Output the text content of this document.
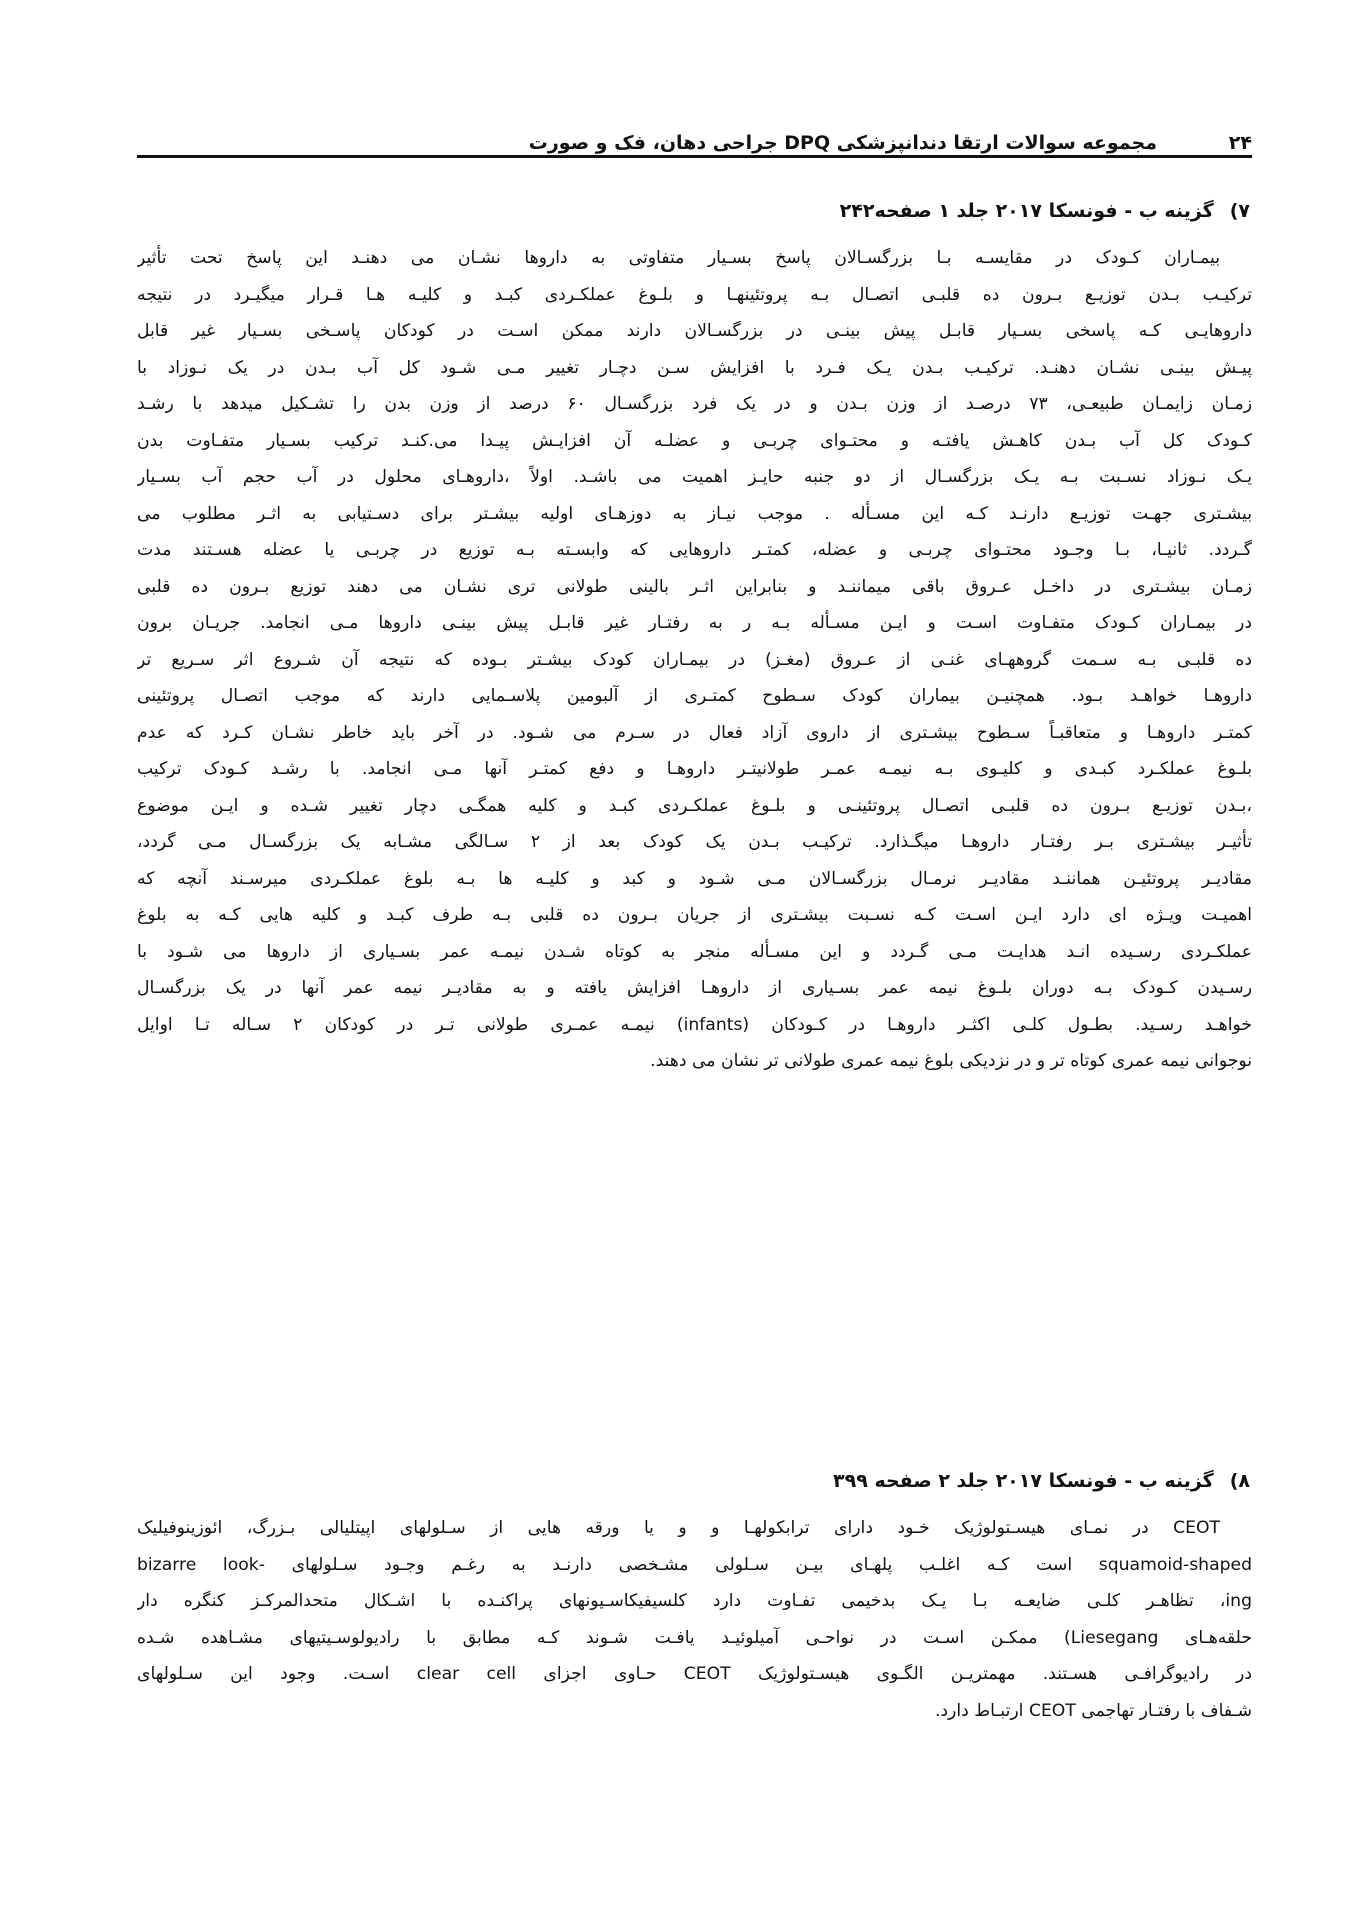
۲۴
مجموعه سوالات ارتقا دندانپزشکی DPQ جراحی دهان، فک و صورت
۷)
گزینه ب - فونسکا ۲۰۱۷ جلد ۱ صفحه۲۴۲
بیمـاران کـودک در مقایسـه بـا بزرگسـالان پاسخ بسـیار متفاوتی به داروها نشـان می دهنـد این پاسخ تحت تأثیر
ترکیـب بـدن توزیـع بـرون ده قلبـی اتصـال بـه پروتئینهـا و بلـوغ عملکـردی کبـد و کلیـه هـا قـرار میگیـرد در نتیجه
داروهایـی کـه پاسخی بسـیار قابـل پیش بینـی در بزرگسـالان دارند ممکن اسـت در کودکان پاسـخی بسـیار غیر قابل
پیـش بینـی نشـان دهنـد. ترکیـب بـدن یـک فـرد با افزایش سـن دچـار تغییر مـی شـود کل آب بـدن در یک نـوزاد با
زمـان زایمـان طبیعـی، ۷۳ درصـد از وزن بـدن و در یک فرد بزرگسـال ۶۰ درصد از وزن بدن را تشـکیل میدهد با رشـد
کـودک کل آب بـدن کاهـش یافتـه و محتـوای چربـی و عضلـه آن افزایـش پیـدا می.کنـد ترکیب بسـیار متفـاوت بدن
یـک نـوزاد نسـبت بـه یـک بزرگسـال از دو جنبه حایـز اهمیت می باشـد. اولاً ،داروهـای محلول در آب حجم آب بسـیار
بیشـتری جهـت توزیـع دارنـد کـه این مسـأله . موجب نیـاز به دوزهـای اولیه بیشـتر برای دسـتیابی به اثـر مطلوب می
گـردد. ثانیـا، بـا وجـود محتـوای چربـی و عضله، کمتـر داروهایی که وابسـته بـه توزیع در چربـی یا عضله هسـتند مدت
زمـان بیشـتری در داخـل عـروق باقی میماننـد و بنابراین اثـر بالینی طولانی تری نشـان می دهند توزیع بـرون ده قلبی
در بیمـاران کـودک متفـاوت اسـت و ایـن مسـأله بـه ر به رفتـار غیر قابـل پیش بینـی داروها مـی انجامد. جریـان برون
ده قلبـی بـه سـمت گروههـای غنـی از عـروق (مغـز) در بیمـاران کودک بیشـتر بـوده که نتیجه آن شـروع اثر سـریع تر
داروهـا خواهـد بـود. همچنیـن بیماران کودک سـطوح کمتـری از آلبومین پلاسـمایی دارند که موجب اتصـال پروتئینی
کمتـر داروهـا و متعاقبـاً سـطوح بیشـتری از داروی آزاد فعال در سـرم می شـود. در آخر باید خاطر نشـان کـرد که عدم
بلـوغ عملکـرد کبـدی و کلیـوی بـه نیمـه عمـر طولانیتـر داروهـا و دفع کمتـر آنها مـی انجامد. با رشـد کـودک ترکیب
،بـدن توزیـع بـرون ده قلبـی اتصـال پروتئینـی و بلـوغ عملکـردی کبـد و کلیه همگـی دچار تغییر شـده و ایـن موضوع
تأثیـر بیشـتری بـر رفتـار داروهـا میگـذارد. ترکیـب بـدن یک کودک بعد از ۲ سـالگی مشـابه یک بزرگسـال مـی گردد،
مقادیـر پروتئیـن هماننـد مقادیـر نرمـال بزرگسـالان مـی شـود و کبد و کلیـه ها بـه بلوغ عملکـردی میرسـند آنچه که
اهمیـت ویـژه ای دارد ایـن اسـت کـه نسـبت بیشـتری از جریان بـرون ده قلبی بـه طرف کبـد و کلیه هایی کـه به بلوغ
عملکـردی رسـیده انـد هدایـت مـی گـردد و این مسـأله منجر به کوتاه شـدن نیمـه عمر بسـیاری از داروها می شـود با
رسـیدن کـودک بـه دوران بلـوغ نیمه عمر بسـیاری از داروهـا افزایش یافته و به مقادیـر نیمه عمر آنها در یک بزرگسـال
خواهـد رسـید. بطـول کلـی اکثـر داروهـا در کـودکان (infants) نیمـه عمـری طولانی تـر در کودکان ۲ سـاله تـا اوایل
نوجوانی نیمه عمری کوتاه تر و در نزدیکی بلوغ نیمه عمری طولانی تر نشان می دهند.
۸)
گزینه ب - فونسکا ۲۰۱۷ جلد ۲ صفحه ۳۹۹
CEOT در نمـای هیسـتولوژیک خـود دارای ترابکولهـا و و یا ورقه هایی از سـلولهای اپیتلیالی بـزرگ، ائوزینوفیلیک
squamoid-shaped است کـه اغلـب پلهـای بیـن سـلولی مشـخصی دارنـد به رغـم وجـود سـلولهای -bizarre look
ing، تظاهـر کلـی ضایعـه بـا یـک بدخیمی تفـاوت دارد کلسیفیکاسـیونهای پراکنـده با اشـکال متحدالمرکـز کنگره دار
حلقه‌هـای Liesegang) ممکـن اسـت در نواحـی آمیلوئیـد یافـت شـوند کـه مطابق با رادیولوسـیتیهای مشـاهده شـده
در رادیوگرافـی هسـتند. مهمتریـن الگـوی هیسـتولوژیک CEOT حـاوی اجزای clear cell اسـت. وجود این سـلولهای
شـفاف با رفتـار تهاجمی CEOT ارتبـاط دارد.
